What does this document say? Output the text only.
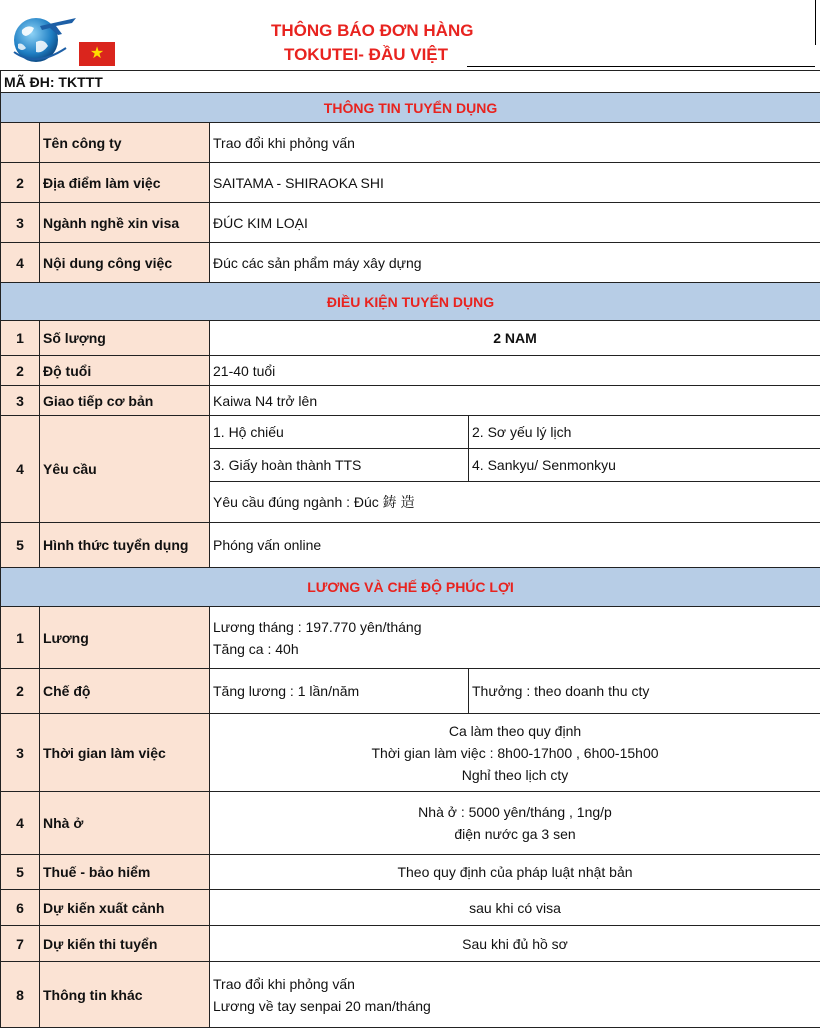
★
THÔNG BÁO ĐƠN HÀNG
TOKUTEI- ĐẦU VIỆT
MÃ ĐH: TKTTT			
THÔNG TIN TUYỂN DỤNG			
	Tên công ty	Trao đổi khi phỏng vấn	
2	Địa điểm làm việc	SAITAMA - SHIRAOKA SHI	
3	Ngành nghề xin visa	ĐÚC KIM LOẠI	
4	Nội dung công việc	Đúc các sản phẩm máy xây dựng	
ĐIỀU KIỆN TUYỂN DỤNG			
1	Số lượng	2 NAM	
2	Độ tuổi	21-40 tuổi	
3	Giao tiếp cơ bản	Kaiwa N4 trở lên	
4	Yêu cầu	1. Hộ chiếu	2. Sơ yếu lý lịch
		3. Giấy hoàn thành TTS	4. Sankyu/ Senmonkyu
		Yêu cầu đúng ngành : Đúc 鋳 造	
5	Hình thức tuyển dụng	Phóng vấn online	
LƯƠNG VÀ CHẾ ĐỘ PHÚC LỢI			
1	Lương	Lương tháng : 197.770 yên/tháng
Tăng ca : 40h	

2	Chế độ	Tăng lương : 1 lần/năm	Thưởng : theo doanh thu cty
3	Thời gian làm việc	Ca làm theo quy định
Thời gian làm việc : 8h00-17h00 , 6h00-15h00
Nghỉ theo lịch cty	

4	Nhà ở	Nhà ở : 5000 yên/tháng , 1ng/p
điện nước ga 3 sen	

5	Thuế - bảo hiểm	Theo quy định của pháp luật nhật bản	
6	Dự kiến xuất cảnh	sau khi có visa	
7	Dự kiến thi tuyển	Sau khi đủ hồ sơ	
8	Thông tin khác	Trao đổi khi phỏng vấn
Lương về tay senpai 20 man/tháng	
